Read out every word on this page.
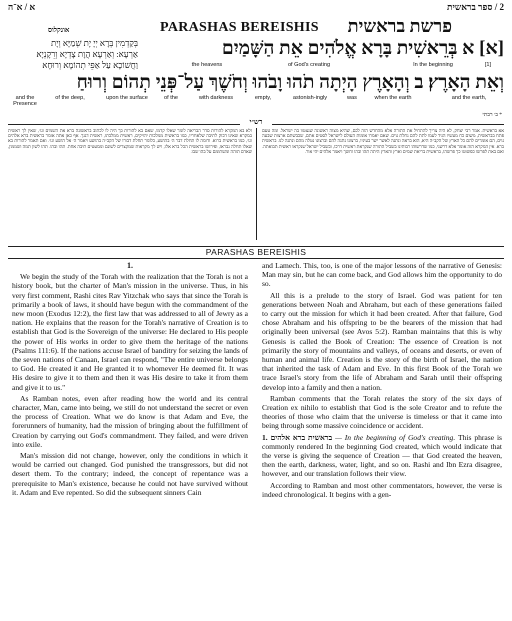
א / א־ה	2 / ספר בראשית
אונקלוס	PARASHAS BEREISHIS פרשת בראשית
בְּקַדְמִין בְּרָא יְיָ יָת שְׁמַיָּא וְיָת
אַרְעָא: וְאַרְעָא הֲוָת צָדְיָא וְרֵקָנְיָא
וַחֲשׁוֹכָא עַל אַפֵּי תְהוֹמָא וְרוּחָא
[א] א בְּרֵאשִׁית בָּרָא אֱלֹהִים אֵת הַשָּׁמַיִם
the heavens	of God's creating	In the beginning	[1]
וְאֵת הָאָרֶץ׃ ב וְהָאָרֶץ הָיְתָה תֹהוּ וָבֹהוּ וְחֹשֶׁךְ עַל־פְּנֵי תְהוֹם וְרוּחַ
and the Presence
of the deep,	upon the surface	of the	with darkness	empty,	astonish-ingly	was	when the earth	and the earth,
* ב׳ רבתי
רש״י
אא בראשית. אמר רבי יצחק, לא היה צריך להתחיל את התורה אלא מהחדש הזה לכם, שהיא מצוה ראשונה שנצטוו בה ישראל. ומה טעם פתח בבראשית, משום כח מעשיו הגיד לעמו לתת להם נחלת גוים. שאם יאמרו אומות העולם לישראל לסטים אתם, שכבשתם ארצות שבעה גוים, הם אומרים להם כל הארץ של הקב״ה היא, הוא בראה ונתנה לאשר ישר בעיניו, ברצונו נתנה להם וברצונו נטלה מהם ונתנה לנו. בראשית ברא. אין המקרא הזה אומר אלא דרשני, כמו שדרשוהו רבותינו בשביל התורה שנקראת ראשית דרכו, ובשביל ישראל שנקראו ראשית תבואתה. ואם באת לפרשו כפשוטו כך פרשהו, בראשית בריאת שמים וארץ והארץ היתה תהו ובהו וחשך ויאמר אלהים יהי אור.
ולא בא המקרא להורות סדר הבריאה לומר שאלו קדמו, שאם בא להורות כך היה לו לכתוב בראשונה ברא את השמים וגו׳, שאין לך ראשית במקרא שאינו דבוק לתיבה שלאחריו, כמו בראשית ממלכות יהויקים, ראשית ממלכתו, ראשית דגנך. אף כאן אתה אומר בראשית ברא אלהים וגו׳, כמו בראשית ברוא. ודומה לו תחלת דבר ה׳ בהושע, כלומר תחלת דבורו של הקב״ה בהושע ויאמר ה׳ אל הושע וגו׳. ואם תאמר להורות בא שאלו תחלה נבראו, ופירושו בראשית הכל ברא אלו, ויש לך מקראות שמקצרים לשונם וממעטים תיבה אחת. תהו ובהו. תהו לשון תמה ושממון, שאדם תוהה ומשתומם על בהו שבו.
PARASHAS BEREISHIS
1.

We begin the study of the Torah with the realization that the Torah is not a history book, but the charter of Man's mission in the universe. Thus, in his very first comment, Rashi cites Rav Yitzchak who says that since the Torah is primarily a book of laws, it should have begun with the commandment of the new moon (Exodus 12:2), the first law that was addressed to all of Jewry as a nation. He explains that the reason for the Torah's narrative of Creation is to establish that God is the Sovereign of the universe: He declared to His people the power of His works in order to give them the heritage of the nations (Psalms 111:6). If the nations accuse Israel of banditry for seizing the lands of the seven nations of Canaan, Israel can respond, "The entire universe belongs to God. He created it and He granted it to whomever He deemed fit. It was His desire to give it to them and then it was His desire to take it from them and give it to us."

As Ramban notes, even after reading how the world and its central character, Man, came into being, we still do not understand the secret or even the process of Creation. What we do know is that Adam and Eve, the forerunners of humanity, had the mission of bringing about the fulfillment of Creation by carrying out God's commandment. They failed, and were driven into exile.

Man's mission did not change, however, only the conditions in which it would be carried out changed. God punished the transgressors, but did not desert them. To the contrary; indeed, the concept of repentance was a prerequisite to Man's existence, because he could not have survived without it. Adam and Eve repented. So did the subsequent sinners Cain

and Lamech. This, too, is one of the major lessons of the narrative of Genesis: Man may sin, but he can come back, and God allows him the opportunity to do so.

All this is a prelude to the story of Israel. God was patient for ten generations between Noah and Abraham, but each of these generations failed to carry out the mission for which it had been created. After that failure, God chose Abraham and his offspring to be the bearers of the mission that had originally been universal (see Avos 5:2). Ramban maintains that this is why Genesis is called the Book of Creation: The essence of Creation is not primarily the story of mountains and valleys, of oceans and deserts, or even of human and animal life. Creation is the story of the birth of Israel, the nation that inherited the task of Adam and Eve. In this first Book of the Torah we trace Israel's story from the life of Abraham and Sarah until their offspring develop into a family and then a nation.

Ramban comments that the Torah relates the story of the six days of Creation ex nihilo to establish that God is the sole Creator and to refute the theories of those who claim that the universe is timeless or that it came into being through some massive coincidence or accident.

1. בראשית ברא אלהים — In the beginning of God's creating. This phrase is commonly rendered In the beginning God created, which would indicate that the verse is giving the sequence of Creation — that God created the heaven, then the earth, darkness, water, light, and so on. Rashi and Ibn Ezra disagree, however, and our translation follows their view.

According to Ramban and most other commentators, however, the verse is indeed chronological. It begins with a gen-
